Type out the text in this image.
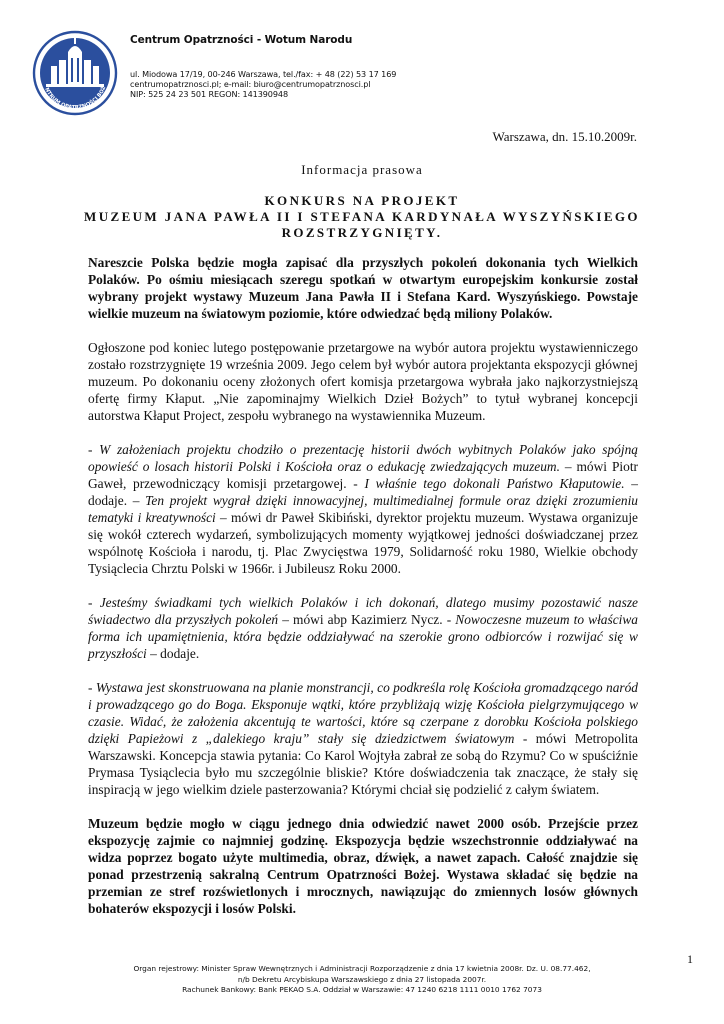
NTRUM OPATRZNOŚCI BOŻ
Centrum Opatrzności - Wotum Narodu
ul. Miodowa 17/19, 00-246 Warszawa, tel./fax: + 48 (22) 53 17 169
centrumopatrznosci.pl; e-mail: biuro@centrumopatrznosci.pl
NIP: 525 24 23 501 REGON: 141390948
Warszawa, dn. 15.10.2009r.
Informacja prasowa
KONKURS NA PROJEKT
MUZEUM JANA PAWŁA II I STEFANA KARDYNAŁA WYSZYŃSKIEGO
ROZSTRZYGNIĘTY.

Nareszcie Polska będzie mogła zapisać dla przyszłych pokoleń dokonania tych Wielkich Polaków. Po ośmiu miesiącach szeregu spotkań w otwartym europejskim konkursie został wybrany projekt wystawy Muzeum Jana Pawła II i Stefana Kard. Wyszyńskiego. Powstaje wielkie muzeum na światowym poziomie, które odwiedzać będą miliony Polaków.

Ogłoszone pod koniec lutego postępowanie przetargowe na wybór autora projektu wystawienniczego zostało rozstrzygnięte 19 września 2009. Jego celem był wybór autora projektanta ekspozycji głównej muzeum. Po dokonaniu oceny złożonych ofert komisja przetargowa wybrała jako najkorzystniejszą ofertę firmy Kłaput. „Nie zapominajmy Wielkich Dzieł Bożych” to tytuł wybranej koncepcji autorstwa Kłaput Project, zespołu wybranego na wystawiennika Muzeum.

- W założeniach projektu chodziło o prezentację historii dwóch wybitnych Polaków jako spójną opowieść o losach historii Polski i Kościoła oraz o edukację zwiedzających muzeum. – mówi Piotr Gaweł, przewodniczący komisji przetargowej. - I właśnie tego dokonali Państwo Kłaputowie. – dodaje. – Ten projekt wygrał dzięki innowacyjnej, multimedialnej formule oraz dzięki zrozumieniu tematyki i kreatywności – mówi dr Paweł Skibiński, dyrektor projektu muzeum. Wystawa organizuje się wokół czterech wydarzeń, symbolizujących momenty wyjątkowej jedności doświadczanej przez wspólnotę Kościoła i narodu, tj. Plac Zwycięstwa 1979, Solidarność roku 1980, Wielkie obchody Tysiąclecia Chrztu Polski w 1966r. i Jubileusz Roku 2000.

- Jesteśmy świadkami tych wielkich Polaków i ich dokonań, dlatego musimy pozostawić nasze świadectwo dla przyszłych pokoleń – mówi abp Kazimierz Nycz. - Nowoczesne muzeum to właściwa forma ich upamiętnienia, która będzie oddziaływać na szerokie grono odbiorców i rozwijać się w przyszłości – dodaje.

- Wystawa jest skonstruowana na planie monstrancji, co podkreśla rolę Kościoła gromadzącego naród i prowadzącego go do Boga. Eksponuje wątki, które przybliżają wizję Kościoła pielgrzymującego w czasie. Widać, że założenia akcentują te wartości, które są czerpane z dorobku Kościoła polskiego dzięki Papieżowi z „dalekiego kraju” stały się dziedzictwem światowym - mówi Metropolita Warszawski. Koncepcja stawia pytania: Co Karol Wojtyła zabrał ze sobą do Rzymu? Co w spuściźnie Prymasa Tysiąclecia było mu szczególnie bliskie? Które doświadczenia tak znaczące, że stały się inspiracją w jego wielkim dziele pasterzowania? Którymi chciał się podzielić z całym światem.

Muzeum będzie mogło w ciągu jednego dnia odwiedzić nawet 2000 osób. Przejście przez ekspozycję zajmie co najmniej godzinę. Ekspozycja będzie wszechstronnie oddziaływać na widza poprzez bogato użyte multimedia, obraz, dźwięk, a nawet zapach. Całość znajdzie się ponad przestrzenią sakralną Centrum Opatrzności Bożej. Wystawa składać się będzie na przemian ze stref rozświetlonych i mrocznych, nawiązując do zmiennych losów głównych bohaterów ekspozycji i losów Polski.

1
Organ rejestrowy: Minister Spraw Wewnętrznych i Administracji Rozporządzenie z dnia 17 kwietnia 2008r. Dz. U. 08.77.462,
n/b Dekretu Arcybiskupa Warszawskiego z dnia 27 listopada 2007r.
Rachunek Bankowy: Bank PEKAO S.A. Oddział w Warszawie: 47 1240 6218 1111 0010 1762 7073
